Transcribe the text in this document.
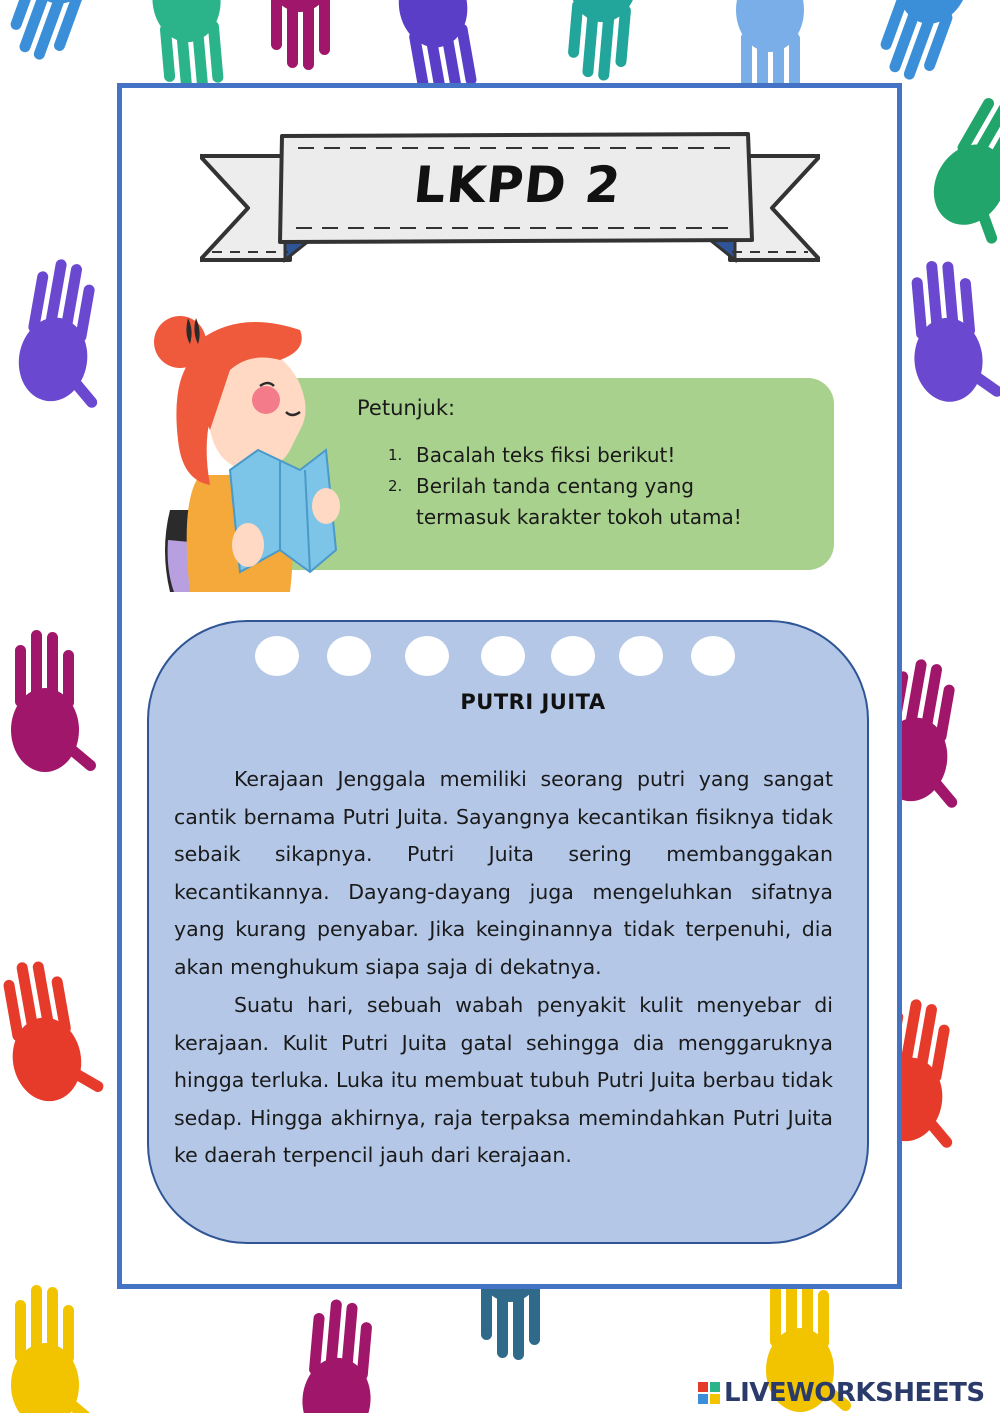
LKPD 2
Petunjuk:
1. Bacalah teks fiksi berikut!
2. Berilah tanda centang yang
termasuk karakter tokoh utama!
PUTRI JUITA

Kerajaan Jenggala memiliki seorang putri yang sangat cantik bernama Putri Juita. Sayangnya kecantikan fisiknya tidak sebaik sikapnya. Putri Juita sering membanggakan kecantikannya. Dayang-dayang juga mengeluhkan sifatnya yang kurang penyabar. Jika keinginannya tidak terpenuhi, dia akan menghukum siapa saja di dekatnya.

Suatu hari, sebuah wabah penyakit kulit menyebar di kerajaan. Kulit Putri Juita gatal sehingga dia menggaruknya hingga terluka. Luka itu membuat tubuh Putri Juita berbau tidak sedap. Hingga akhirnya, raja terpaksa memindahkan Putri Juita ke daerah terpencil jauh dari kerajaan.

LIVEWORKSHEETS
